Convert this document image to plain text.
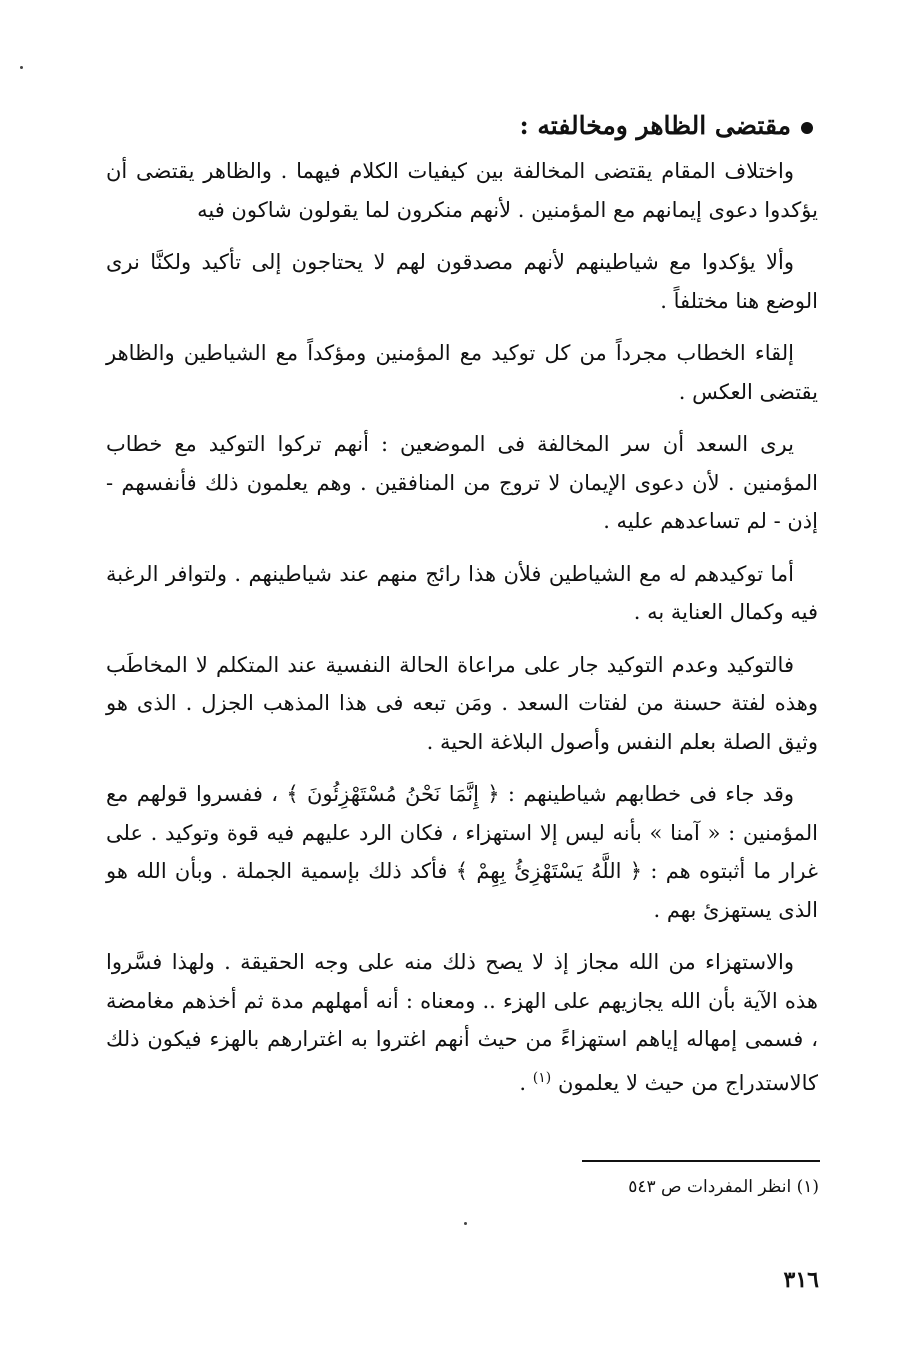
مقتضى الظاهر ومخالفته :

واختلاف المقام يقتضى المخالفة بين كيفيات الكلام فيهما . والظاهر يقتضى أن يؤكدوا دعوى إيمانهم مع المؤمنين . لأنهم منكرون لما يقولون شاكون فيه

وألا يؤكدوا مع شياطينهم لأنهم مصدقون لهم لا يحتاجون إلى تأكيد ولكنَّا نرى الوضع هنا مختلفاً .

إلقاء الخطاب مجرداً من كل توكيد مع المؤمنين ومؤكداً مع الشياطين والظاهر يقتضى العكس .

يرى السعد أن سر المخالفة فى الموضعين : أنهم تركوا التوكيد مع خطاب المؤمنين . لأن دعوى الإيمان لا تروج من المنافقين . وهم يعلمون ذلك فأنفسهم - إذن - لم تساعدهم عليه .

أما توكيدهم له مع الشياطين فلأن هذا رائج منهم عند شياطينهم . ولتوافر الرغبة فيه وكمال العناية به .

فالتوكيد وعدم التوكيد جار على مراعاة الحالة النفسية عند المتكلم لا المخاطَب وهذه لفتة حسنة من لفتات السعد . ومَن تبعه فى هذا المذهب الجزل . الذى هو وثيق الصلة بعلم النفس وأصول البلاغة الحية .

وقد جاء فى خطابهم شياطينهم : ﴿ إِنَّمَا نَحْنُ مُسْتَهْزِئُونَ ﴾ ، ففسروا قولهم مع المؤمنين : « آمنا » بأنه ليس إلا استهزاء ، فكان الرد عليهم فيه قوة وتوكيد . على غرار ما أثبتوه هم : ﴿ اللَّهُ يَسْتَهْزِئُ بِهِمْ ﴾ فأكد ذلك بإسمية الجملة . وبأن الله هو الذى يستهزئ بهم .

والاستهزاء من الله مجاز إذ لا يصح ذلك منه على وجه الحقيقة . ولهذا فسَّروا هذه الآية بأن الله يجازيهم على الهزء .. ومعناه : أنه أمهلهم مدة ثم أخذهم مغامضة ، فسمى إمهاله إياهم استهزاءً من حيث أنهم اغتروا به اغترارهم بالهزء فيكون ذلك كالاستدراج من حيث لا يعلمون $^{(١)}$ .

(١) انظر المفردات ص ٥٤٣
٣١٦
